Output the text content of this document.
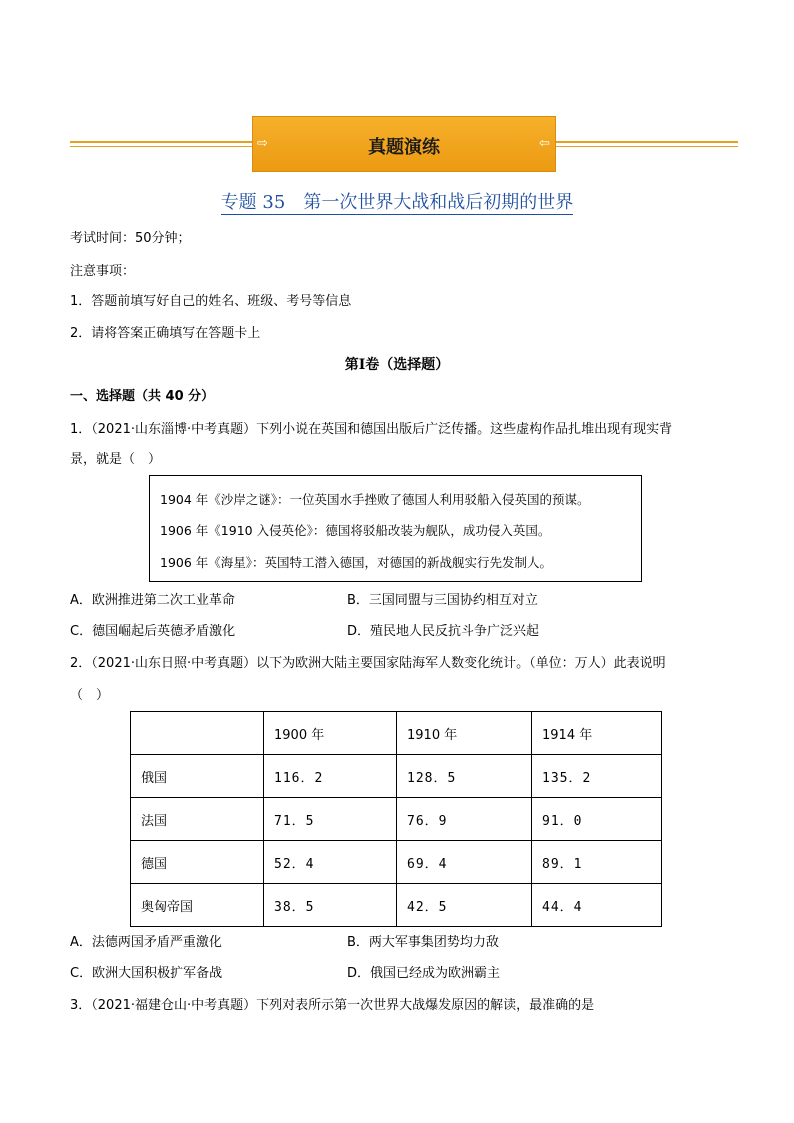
⇨	真题演练	⇦
专题 35　第一次世界大战和战后初期的世界
考试时间：50分钟；
注意事项：
1．答题前填写好自己的姓名、班级、考号等信息
2．请将答案正确填写在答题卡上
第I卷（选择题）
一、选择题（共 40 分）
1．（2021·山东淄博·中考真题）下列小说在英国和德国出版后广泛传播。这些虚构作品扎堆出现有现实背
景，就是（　）
1904 年《沙岸之谜》：一位英国水手挫败了德国人利用驳船入侵英国的预谋。
1906 年《1910 入侵英伦》：德国将驳船改装为舰队，成功侵入英国。
1906 年《海星》：英国特工潜入德国，对德国的新战舰实行先发制人。
A．欧洲推进第二次工业革命	B．三国同盟与三国协约相互对立
C．德国崛起后英德矛盾激化	D．殖民地人民反抗斗争广泛兴起
2．（2021·山东日照·中考真题）以下为欧洲大陆主要国家陆海军人数变化统计。（单位：万人）此表说明
（　）
	1900 年	1910 年	1914 年
俄国	116．2	128．5	135．2
法国	71．5	76．9	91．0
德国	52．4	69．4	89．1
奥匈帝国	38．5	42．5	44．4
A．法德两国矛盾严重激化	B．两大军事集团势均力敌
C．欧洲大国积极扩军备战	D．俄国已经成为欧洲霸主
3．（2021·福建仓山·中考真题）下列对表所示第一次世界大战爆发原因的解读，最准确的是
